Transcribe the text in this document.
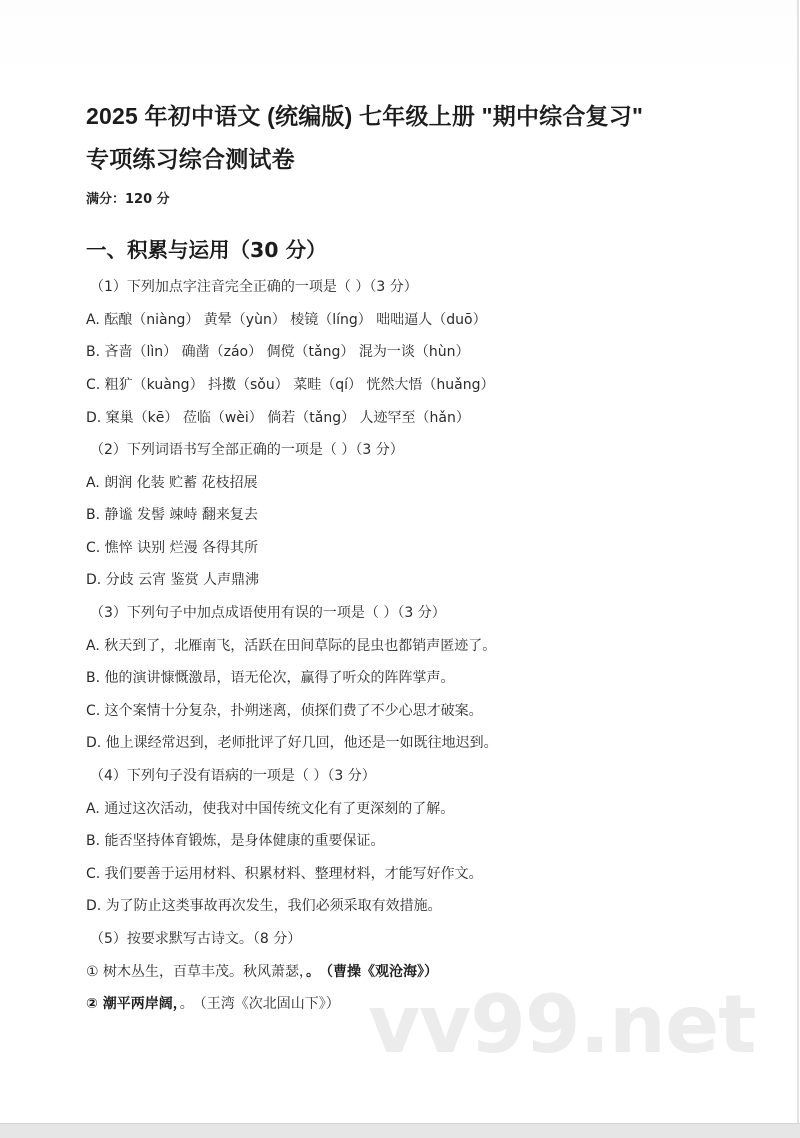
2025 年初中语文 (统编版) 七年级上册 "期中综合复习"
专项练习综合测试卷
满分：120 分
一、积累与运用（30 分）
（1）下列加点字注音完全正确的一项是（ ）（3 分）
A. 酝酿（niàng） 黄晕（yùn） 棱镜（líng） 咄咄逼人（duō）
B. 吝啬（lìn） 确凿（záo） 倜傥（tǎng） 混为一谈（hùn）
C. 粗犷（kuàng） 抖擞（sǒu） 菜畦（qí） 恍然大悟（huǎng）
D. 窠巢（kē） 莅临（wèi） 倘若（tǎng） 人迹罕至（hǎn）
（2）下列词语书写全部正确的一项是（ ）（3 分）
A. 朗润 化装 贮蓄 花枝招展
B. 静谧 发髻 竦峙 翻来复去
C. 憔悴 诀别 烂漫 各得其所
D. 分歧 云宵 鉴赏 人声鼎沸
（3）下列句子中加点成语使用有误的一项是（ ）（3 分）
A. 秋天到了，北雁南飞，活跃在田间草际的昆虫也都销声匿迹了。
B. 他的演讲慷慨激昂，语无伦次，赢得了听众的阵阵掌声。
C. 这个案情十分复杂，扑朔迷离，侦探们费了不少心思才破案。
D. 他上课经常迟到，老师批评了好几回，他还是一如既往地迟到。
（4）下列句子没有语病的一项是（ ）（3 分）
A. 通过这次活动，使我对中国传统文化有了更深刻的了解。
B. 能否坚持体育锻炼，是身体健康的重要保证。
C. 我们要善于运用材料、积累材料、整理材料，才能写好作文。
D. 为了防止这类事故再次发生，我们必须采取有效措施。
（5）按要求默写古诗文。（8 分）
① 树木丛生，百草丰茂。秋风萧瑟，。 （曹操《观沧海》）
② 潮平两岸阔，。 （王湾《次北固山下》） vv99.net
